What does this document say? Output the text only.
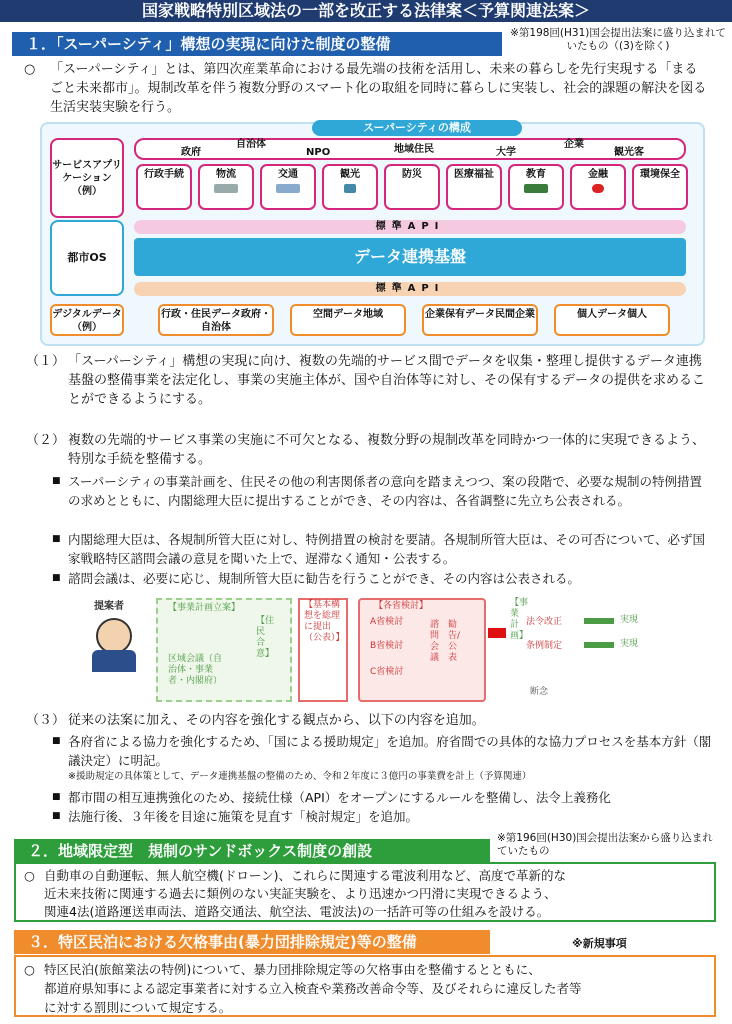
国家戦略特別区域法の一部を改正する法律案＜予算関連法案＞
１．「スーパーシティ」構想の実現に向けた制度の整備
※第198回(H31)国会提出法案に盛り込まれていたもの（(3)を除く)
○	「スーパーシティ」とは、第四次産業革命における最先端の技術を活用し、未来の暮らしを先行実現する「まるごと未来都市」。規制改革を伴う複数分野のスマート化の取組を同時に暮らしに実装し、社会的課題の解決を図る生活実装実験を行う。
スーパーシティの構成
サービスアプリケーション（例）
自治体
政府	NPO	地域住民	大学
企業
観光客
行政手続	物流	交通	観光	防災	医療福祉	教育	金融	環境保全
標準API
都市OS	データ連携基盤
標準API
デジタルデータ（例）
行政・住民データ政府・自治体
空間データ地域	企業保有データ民間企業	個人データ個人
（１） 「スーパーシティ」構想の実現に向け、複数の先端的サービス間でデータを収集・整理し提供するデータ連携基盤の整備事業を法定化し、事業の実施主体が、国や自治体等に対し、その保有するデータの提供を求めることができるようにする。
（２） 複数の先端的サービス事業の実施に不可欠となる、複数分野の規制改革を同時かつ一体的に実現できるよう、特別な手続を整備する。
■ スーパーシティの事業計画を、住民その他の利害関係者の意向を踏まえつつ、案の段階で、必要な規制の特例措置の求めとともに、内閣総理大臣に提出することができ、その内容は、各省調整に先立ち公表される。
■ 内閣総理大臣は、各規制所管大臣に対し、特例措置の検討を要請。各規制所管大臣は、その可否について、必ず国家戦略特区諮問会議の意見を聞いた上で、遅滞なく通知・公表する。
■ 諮問会議は、必要に応じ、規制所管大臣に勧告を行うことができ、その内容は公表される。
提案者	【事業計画立案】
【住民合意】
区域会議（自治体・事業者・内閣府）
【基本構想を総理に提出（公表）】
【各省検討】
A省検討
B省検討
C省検討
諮問会議
勧告/公表
【事業計画】
法令改正
条例制定
実現
実現
断念
（３） 従来の法案に加え、その内容を強化する観点から、以下の内容を追加。
■ 各府省による協力を強化するため、「国による援助規定」を追加。府省間での具体的な協力プロセスを基本方針（閣議決定）に明記。
※援助規定の具体策として、データ連携基盤の整備のため、令和２年度に３億円の事業費を計上（予算関連）
■ 都市間の相互連携強化のため、接続仕様（API）をオープンにするルールを整備し、法令上義務化
■ 法施行後、３年後を目途に施策を見直す「検討規定」を追加。
２．地域限定型　規制のサンドボックス制度の創設
※第196回(H30)国会提出法案から盛り込まれていたもの
○ 自動車の自動運転、無人航空機(ドローン)、これらに関連する電波利用など、高度で革新的な
近未来技術に関連する過去に類例のない実証実験を、より迅速かつ円滑に実現できるよう、
関連4法(道路運送車両法、道路交通法、航空法、電波法)の一括許可等の仕組みを設ける。
３．特区民泊における欠格事由(暴力団排除規定)等の整備	※新規事項
○ 特区民泊(旅館業法の特例)について、暴力団排除規定等の欠格事由を整備するとともに、
都道府県知事による認定事業者に対する立入検査や業務改善命令等、及びそれらに違反した者等
に対する罰則について規定する。
